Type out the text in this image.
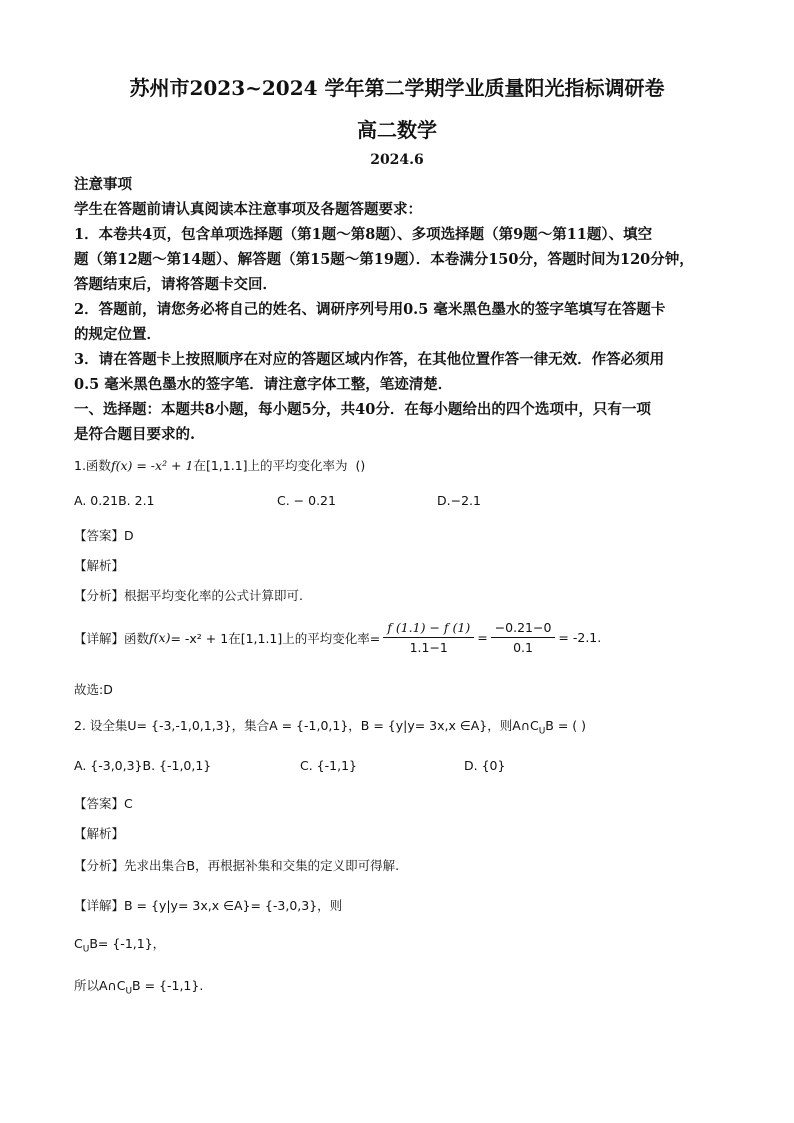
苏州市2023~2024 学年第二学期学业质量阳光指标调研卷
高二数学
2024.6

注意事项

学生在答题前请认真阅读本注意事项及各题答题要求：

1．本卷共4页，包含单项选择题（第1题～第8题）、多项选择题（第9题～第11题）、填空

题（第12题～第14题）、解答题（第15题～第19题）．本卷满分150分，答题时间为120分钟，

答题结束后，请将答题卡交回．

2．答题前，请您务必将自己的姓名、调研序列号用0.5 毫米黑色墨水的签字笔填写在答题卡

的规定位置．

3．请在答题卡上按照顺序在对应的答题区域内作答，在其他位置作答一律无效．作答必须用

0.5 毫米黑色墨水的签字笔．请注意字体工整，笔迹清楚．

一、选择题：本题共8小题，每小题5分，共40分．在每小题给出的四个选项中，只有一项

是符合题目要求的.

1.函数f(x) = -x² + 1在[1,1.1]上的平均变化率为 ()
A. 0.21B. 2.1	C. − 0.21	D.−2.1
【答案】D
【解析】
【分析】根据平均变化率的公式计算即可.
【详解】函数 f(x) = -x² + 1在[1,1.1]上的平均变化率= $\frac{f (1.1) - f (1)}{1.1-1} = \frac{-0.21-0}{0.1} = -2.1$.
故选:D
2. 设全集U= {-3,-1,0,1,3}，集合A = {-1,0,1}，B = {y|y= 3x,x ∈A}，则$A\cap C_UB$ = ( )
A. {-3,0,3}B. {-1,0,1}	C. {-1,1}	D. {0}
【答案】C
【解析】
【分析】先求出集合B，再根据补集和交集的定义即可得解.
【详解】B = {y|y= 3x,x ∈A}= {-3,0,3}，则
$C_UB= \{-1,1\}$，
所以$A\cap C_UB = \{-1,1\}$.
